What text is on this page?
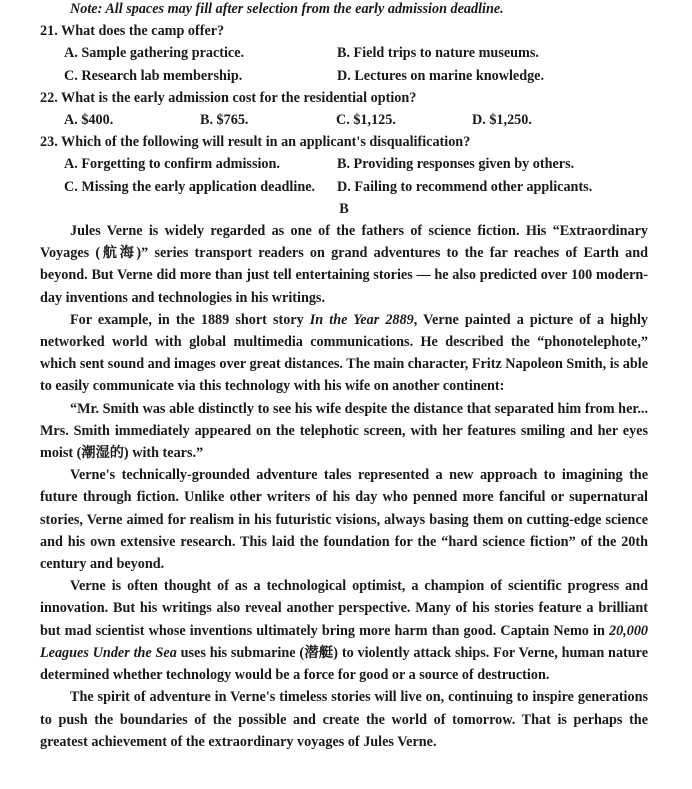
Note: All spaces may fill after selection from the early admission deadline.
21. What does the camp offer?
A. Sample gathering practice.	B. Field trips to nature museums.
C. Research lab membership.	D. Lectures on marine knowledge.
22. What is the early admission cost for the residential option?
A. $400.	B. $765.	C. $1,125.	D. $1,250.
23. Which of the following will result in an applicant's disqualification?
A. Forgetting to confirm admission.	B. Providing responses given by others.
C. Missing the early application deadline.	D. Failing to recommend other applicants.
B

Jules Verne is widely regarded as one of the fathers of science fiction. His “Extraordinary Voyages (航海)” series transport readers on grand adventures to the far reaches of Earth and beyond. But Verne did more than just tell entertaining stories — he also predicted over 100 modern-day inventions and technologies in his writings.

For example, in the 1889 short story In the Year 2889, Verne painted a picture of a highly networked world with global multimedia communications. He described the “phonotelephote,” which sent sound and images over great distances. The main character, Fritz Napoleon Smith, is able to easily communicate via this technology with his wife on another continent:

“Mr. Smith was able distinctly to see his wife despite the distance that separated him from her... Mrs. Smith immediately appeared on the telephotic screen, with her features smiling and her eyes moist (潮湿的) with tears.”

Verne's technically-grounded adventure tales represented a new approach to imagining the future through fiction. Unlike other writers of his day who penned more fanciful or supernatural stories, Verne aimed for realism in his futuristic visions, always basing them on cutting-edge science and his own extensive research. This laid the foundation for the “hard science fiction” of the 20th century and beyond.

Verne is often thought of as a technological optimist, a champion of scientific progress and innovation. But his writings also reveal another perspective. Many of his stories feature a brilliant but mad scientist whose inventions ultimately bring more harm than good. Captain Nemo in 20,000 Leagues Under the Sea uses his submarine (潜艇) to violently attack ships. For Verne, human nature determined whether technology would be a force for good or a source of destruction.

The spirit of adventure in Verne's timeless stories will live on, continuing to inspire generations to push the boundaries of the possible and create the world of tomorrow. That is perhaps the greatest achievement of the extraordinary voyages of Jules Verne.
